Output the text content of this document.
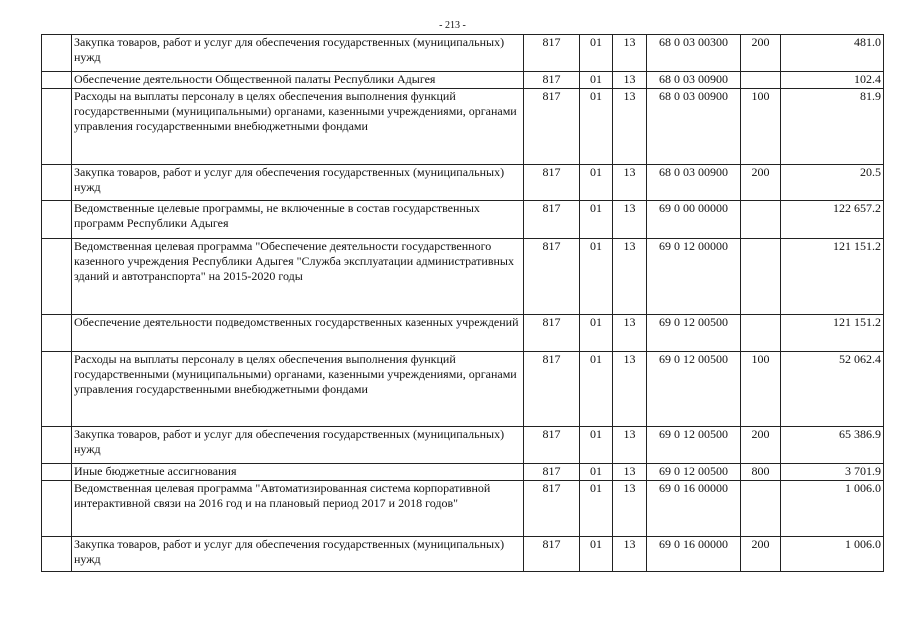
- 213 -
	Закупка товаров, работ и услуг для обеспечения государственных (муниципальных) нужд	817	01	13	68 0 03 00300	200	481.0
	Обеспечение деятельности Общественной палаты Республики Адыгея	817	01	13	68 0 03 00900		102.4
	Расходы на выплаты персоналу в целях обеспечения выполнения функций государственными (муниципальными) органами, казенными учреждениями, органами управления государственными внебюджетными фондами	817	01	13	68 0 03 00900	100	81.9
	Закупка товаров, работ и услуг для обеспечения государственных (муниципальных) нужд	817	01	13	68 0 03 00900	200	20.5
	Ведомственные целевые программы, не включенные в состав государственных программ Республики Адыгея	817	01	13	69 0 00 00000		122 657.2
	Ведомственная целевая программа "Обеспечение деятельности государственного казенного учреждения Республики Адыгея "Служба эксплуатации административных зданий и автотранспорта" на 2015-2020 годы	817	01	13	69 0 12 00000		121 151.2
	Обеспечение деятельности подведомственных государственных казенных учреждений	817	01	13	69 0 12 00500		121 151.2
	Расходы на выплаты персоналу в целях обеспечения выполнения функций государственными (муниципальными) органами, казенными учреждениями, органами управления государственными внебюджетными фондами	817	01	13	69 0 12 00500	100	52 062.4
	Закупка товаров, работ и услуг для обеспечения государственных (муниципальных) нужд	817	01	13	69 0 12 00500	200	65 386.9
	Иные бюджетные ассигнования	817	01	13	69 0 12 00500	800	3 701.9
	Ведомственная целевая программа "Автоматизированная система корпоративной интерактивной связи на 2016 год и на плановый период 2017 и 2018 годов"	817	01	13	69 0 16 00000		1 006.0
	Закупка товаров, работ и услуг для обеспечения государственных (муниципальных) нужд	817	01	13	69 0 16 00000	200	1 006.0
